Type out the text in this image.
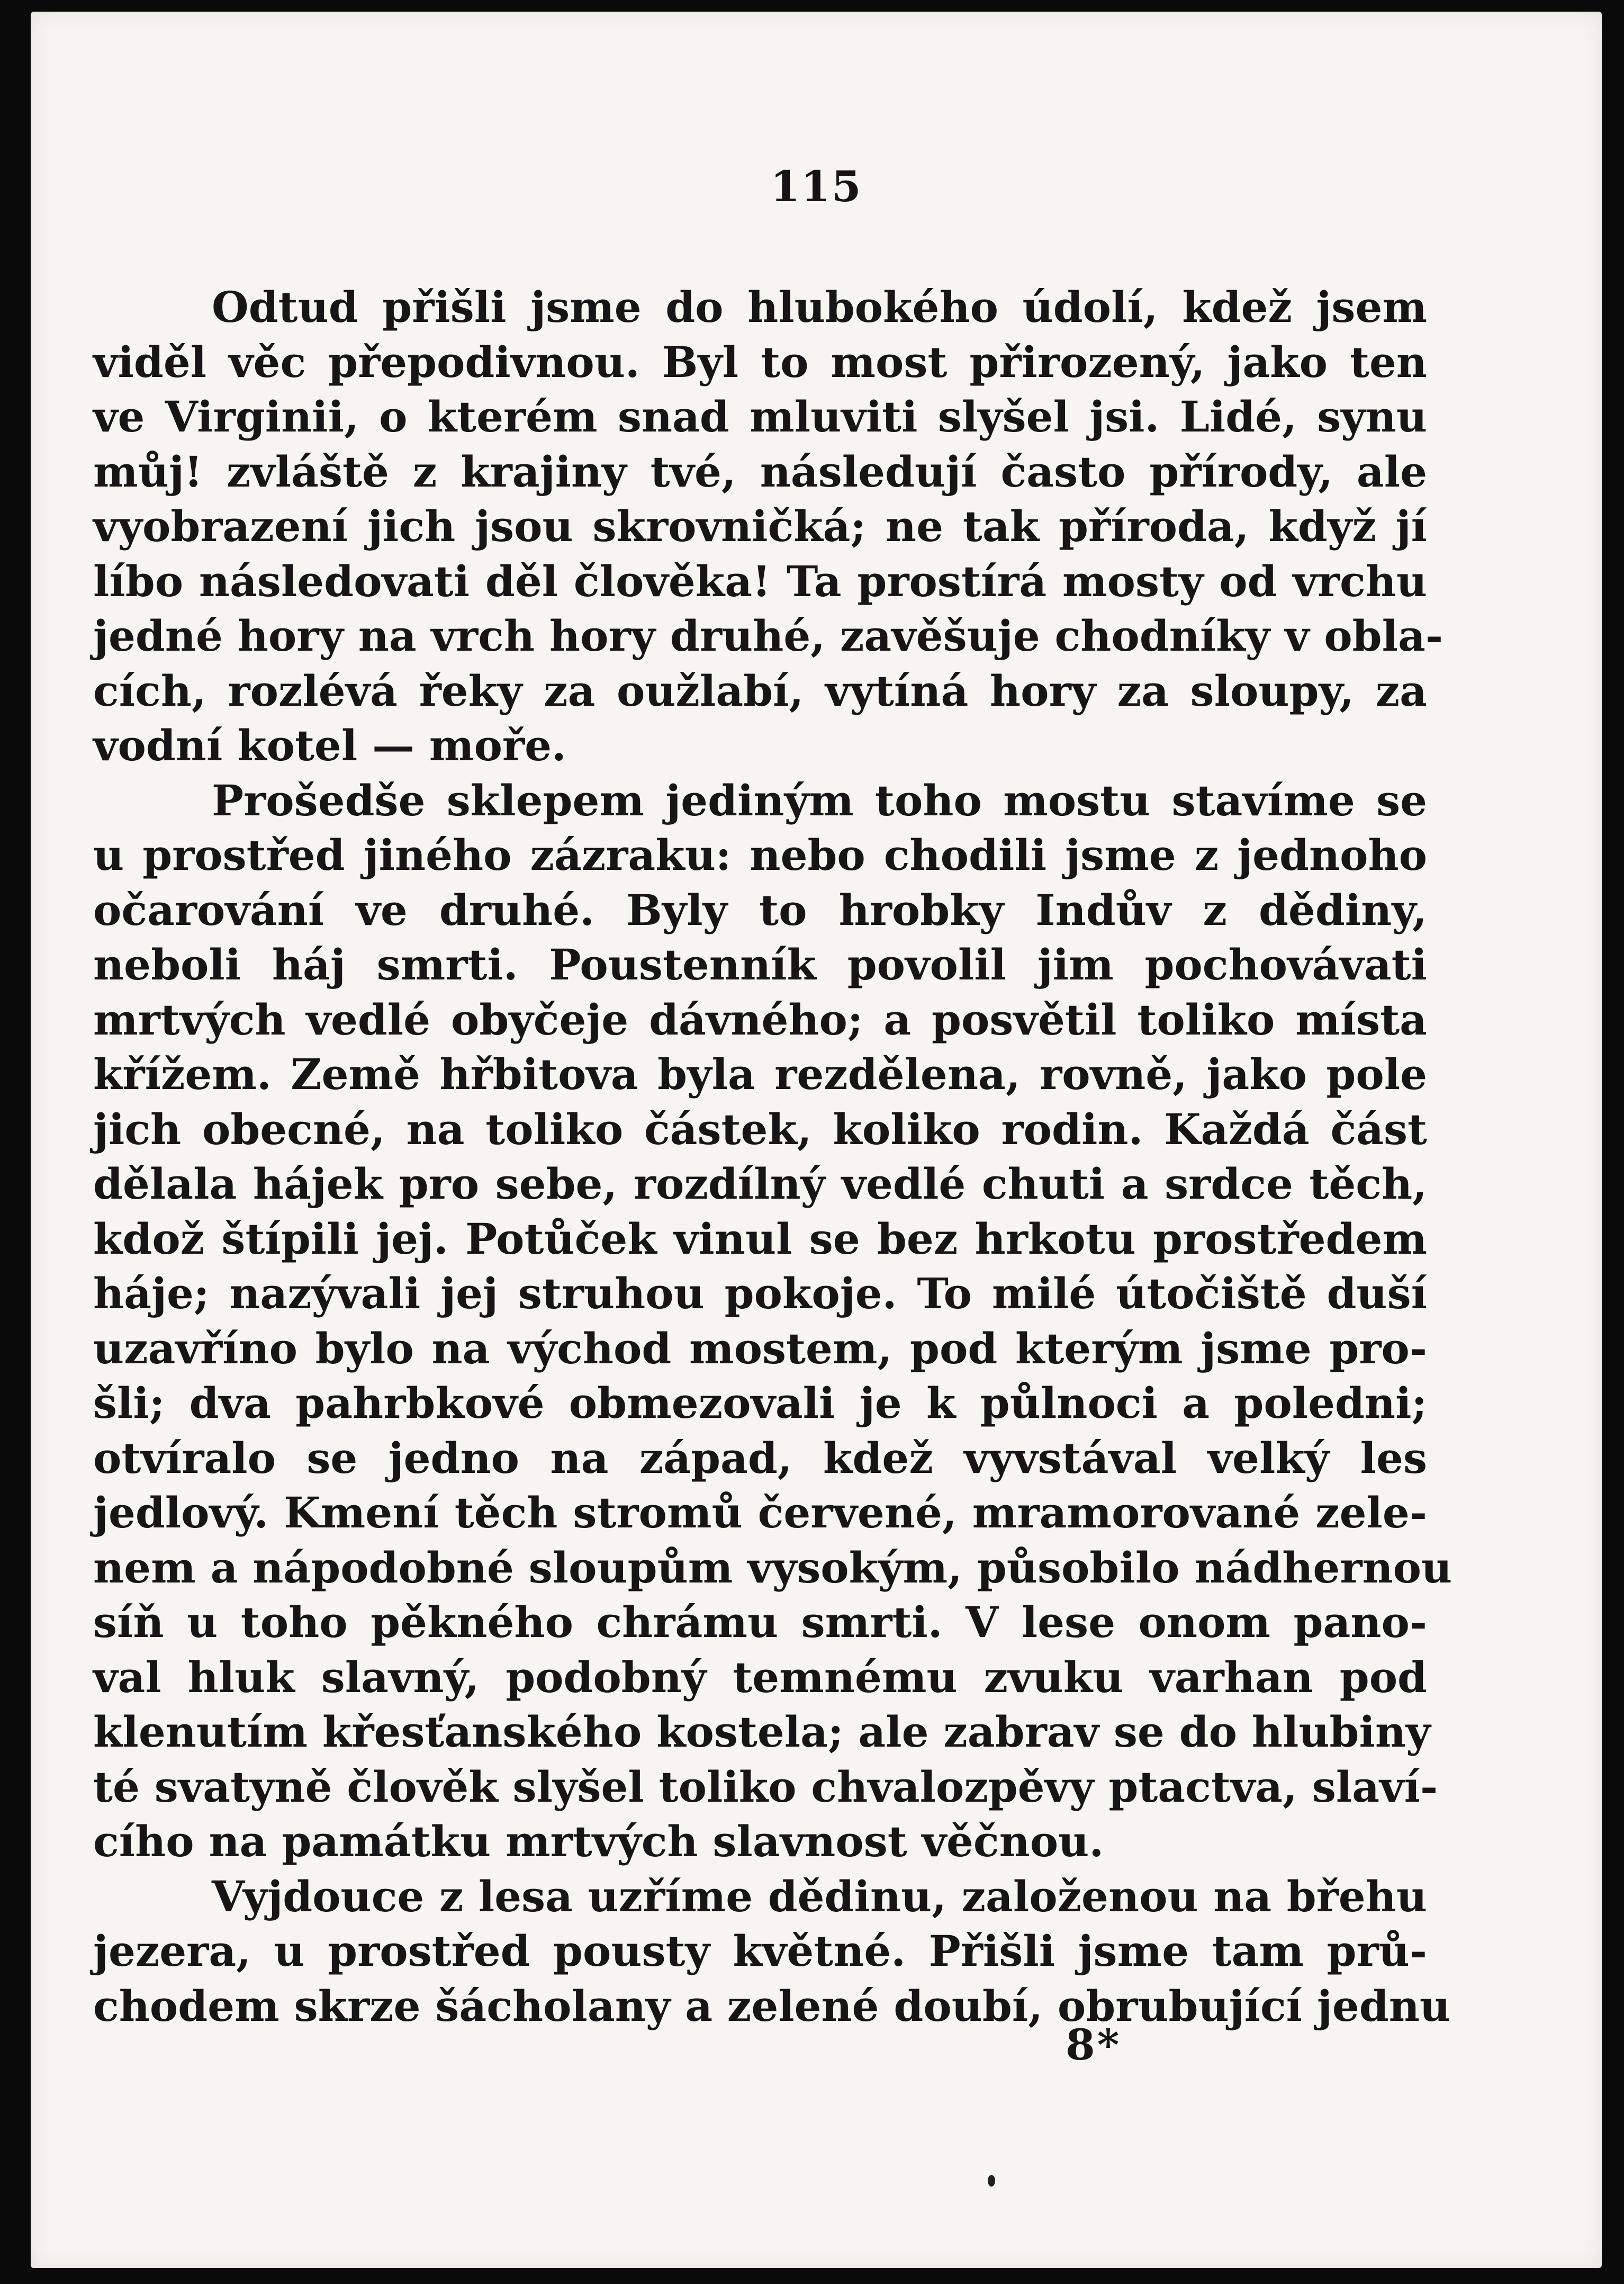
115
Odtud přišli jsme do hlubokého údolí, kdež jsem
viděl věc přepodivnou. Byl to most přirozený, jako ten
ve Virginii, o kterém snad mluviti slyšel jsi. Lidé, synu
můj! zvláště z krajiny tvé, následují často přírody, ale
vyobrazení jich jsou skrovničká; ne tak příroda, když jí
líbo následovati děl člověka! Ta prostírá mosty od vrchu
jedné hory na vrch hory druhé, zavěšuje chodníky v obla-
cích, rozlévá řeky za oužlabí, vytíná hory za sloupy, za
vodní kotel — moře.
Prošedše sklepem jediným toho mostu stavíme se
u prostřed jiného zázraku: nebo chodili jsme z jednoho
očarování ve druhé. Byly to hrobky Indův z dědiny,
neboli háj smrti. Poustenník povolil jim pochovávati
mrtvých vedlé obyčeje dávného; a posvětil toliko místa
křížem. Země hřbitova byla rezdělena, rovně, jako pole
jich obecné, na toliko částek, koliko rodin. Každá část
dělala hájek pro sebe, rozdílný vedlé chuti a srdce těch,
kdož štípili jej. Potůček vinul se bez hrkotu prostředem
háje; nazývali jej struhou pokoje. To milé útočiště duší
uzavříno bylo na východ mostem, pod kterým jsme pro-
šli; dva pahrbkové obmezovali je k půlnoci a poledni;
otvíralo se jedno na západ, kdež vyvstával velký les
jedlový. Kmení těch stromů červené, mramorované zele-
nem a nápodobné sloupům vysokým, působilo nádhernou
síň u toho pěkného chrámu smrti. V lese onom pano-
val hluk slavný, podobný temnému zvuku varhan pod
klenutím křesťanského kostela; ale zabrav se do hlubiny
té svatyně člověk slyšel toliko chvalozpěvy ptactva, slaví-
cího na památku mrtvých slavnost věčnou.
Vyjdouce z lesa uzříme dědinu, založenou na břehu
jezera, u prostřed pousty květné. Přišli jsme tam prů-
chodem skrze šácholany a zelené doubí, obrubující jednu
8*
